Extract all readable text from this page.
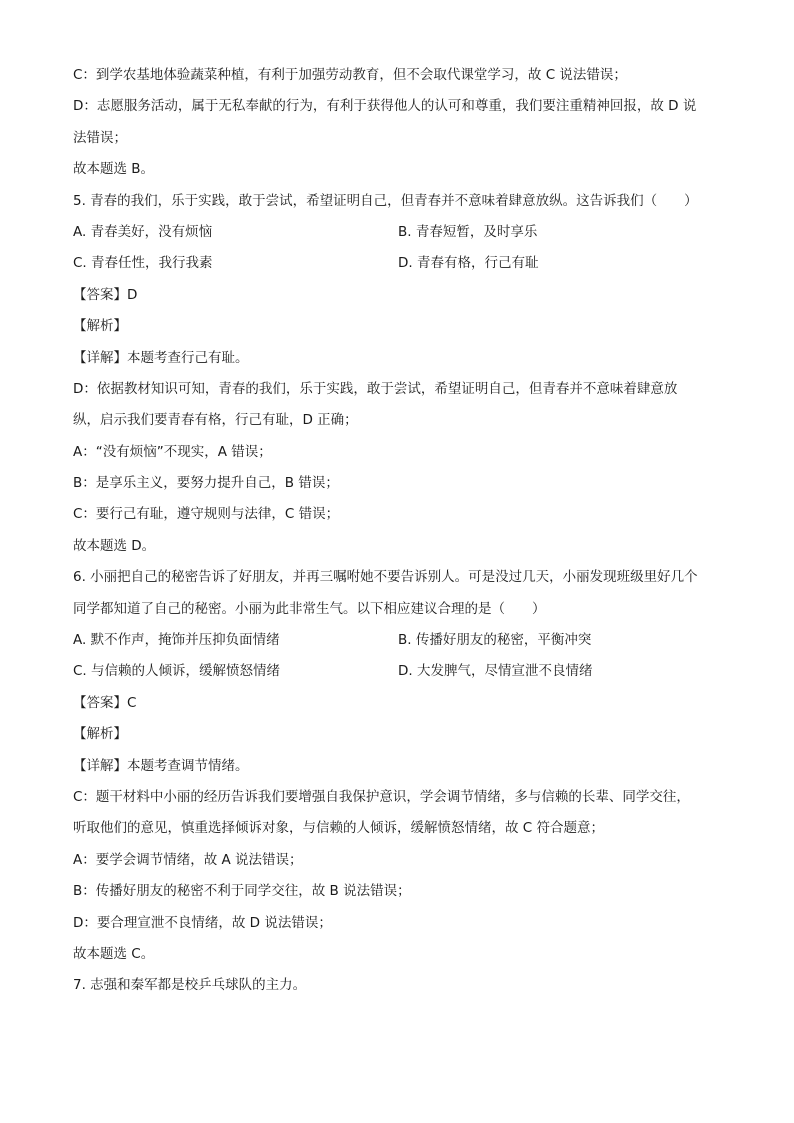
C：到学农基地体验蔬菜种植，有利于加强劳动教育，但不会取代课堂学习，故 C 说法错误；
D：志愿服务活动，属于无私奉献的行为，有利于获得他人的认可和尊重，我们要注重精神回报，故 D 说
法错误；
故本题选 B。
5. 青春的我们，乐于实践，敢于尝试，希望证明自己，但青春并不意味着肆意放纵。这告诉我们（　　）
A. 青春美好，没有烦恼	B. 青春短暂，及时享乐
C. 青春任性，我行我素	D. 青春有格，行己有耻
【答案】D
【解析】
【详解】本题考查行己有耻。
D：依据教材知识可知，青春的我们，乐于实践，敢于尝试，希望证明自己，但青春并不意味着肆意放
纵，启示我们要青春有格，行己有耻，D 正确；
A：“没有烦恼”不现实，A 错误；
B：是享乐主义，要努力提升自己，B 错误；
C：要行己有耻，遵守规则与法律，C 错误；
故本题选 D。
6. 小丽把自己的秘密告诉了好朋友，并再三嘱咐她不要告诉别人。可是没过几天，小丽发现班级里好几个
同学都知道了自己的秘密。小丽为此非常生气。以下相应建议合理的是（　　）
A. 默不作声，掩饰并压抑负面情绪	B. 传播好朋友的秘密，平衡冲突
C. 与信赖的人倾诉，缓解愤怒情绪	D. 大发脾气，尽情宣泄不良情绪
【答案】C
【解析】
【详解】本题考查调节情绪。
C：题干材料中小丽的经历告诉我们要增强自我保护意识，学会调节情绪，多与信赖的长辈、同学交往，
听取他们的意见，慎重选择倾诉对象，与信赖的人倾诉，缓解愤怒情绪，故 C 符合题意；
A：要学会调节情绪，故 A 说法错误；
B：传播好朋友的秘密不利于同学交往，故 B 说法错误；
D：要合理宣泄不良情绪，故 D 说法错误；
故本题选 C。
7. 志强和秦军都是校乒乓球队的主力。
